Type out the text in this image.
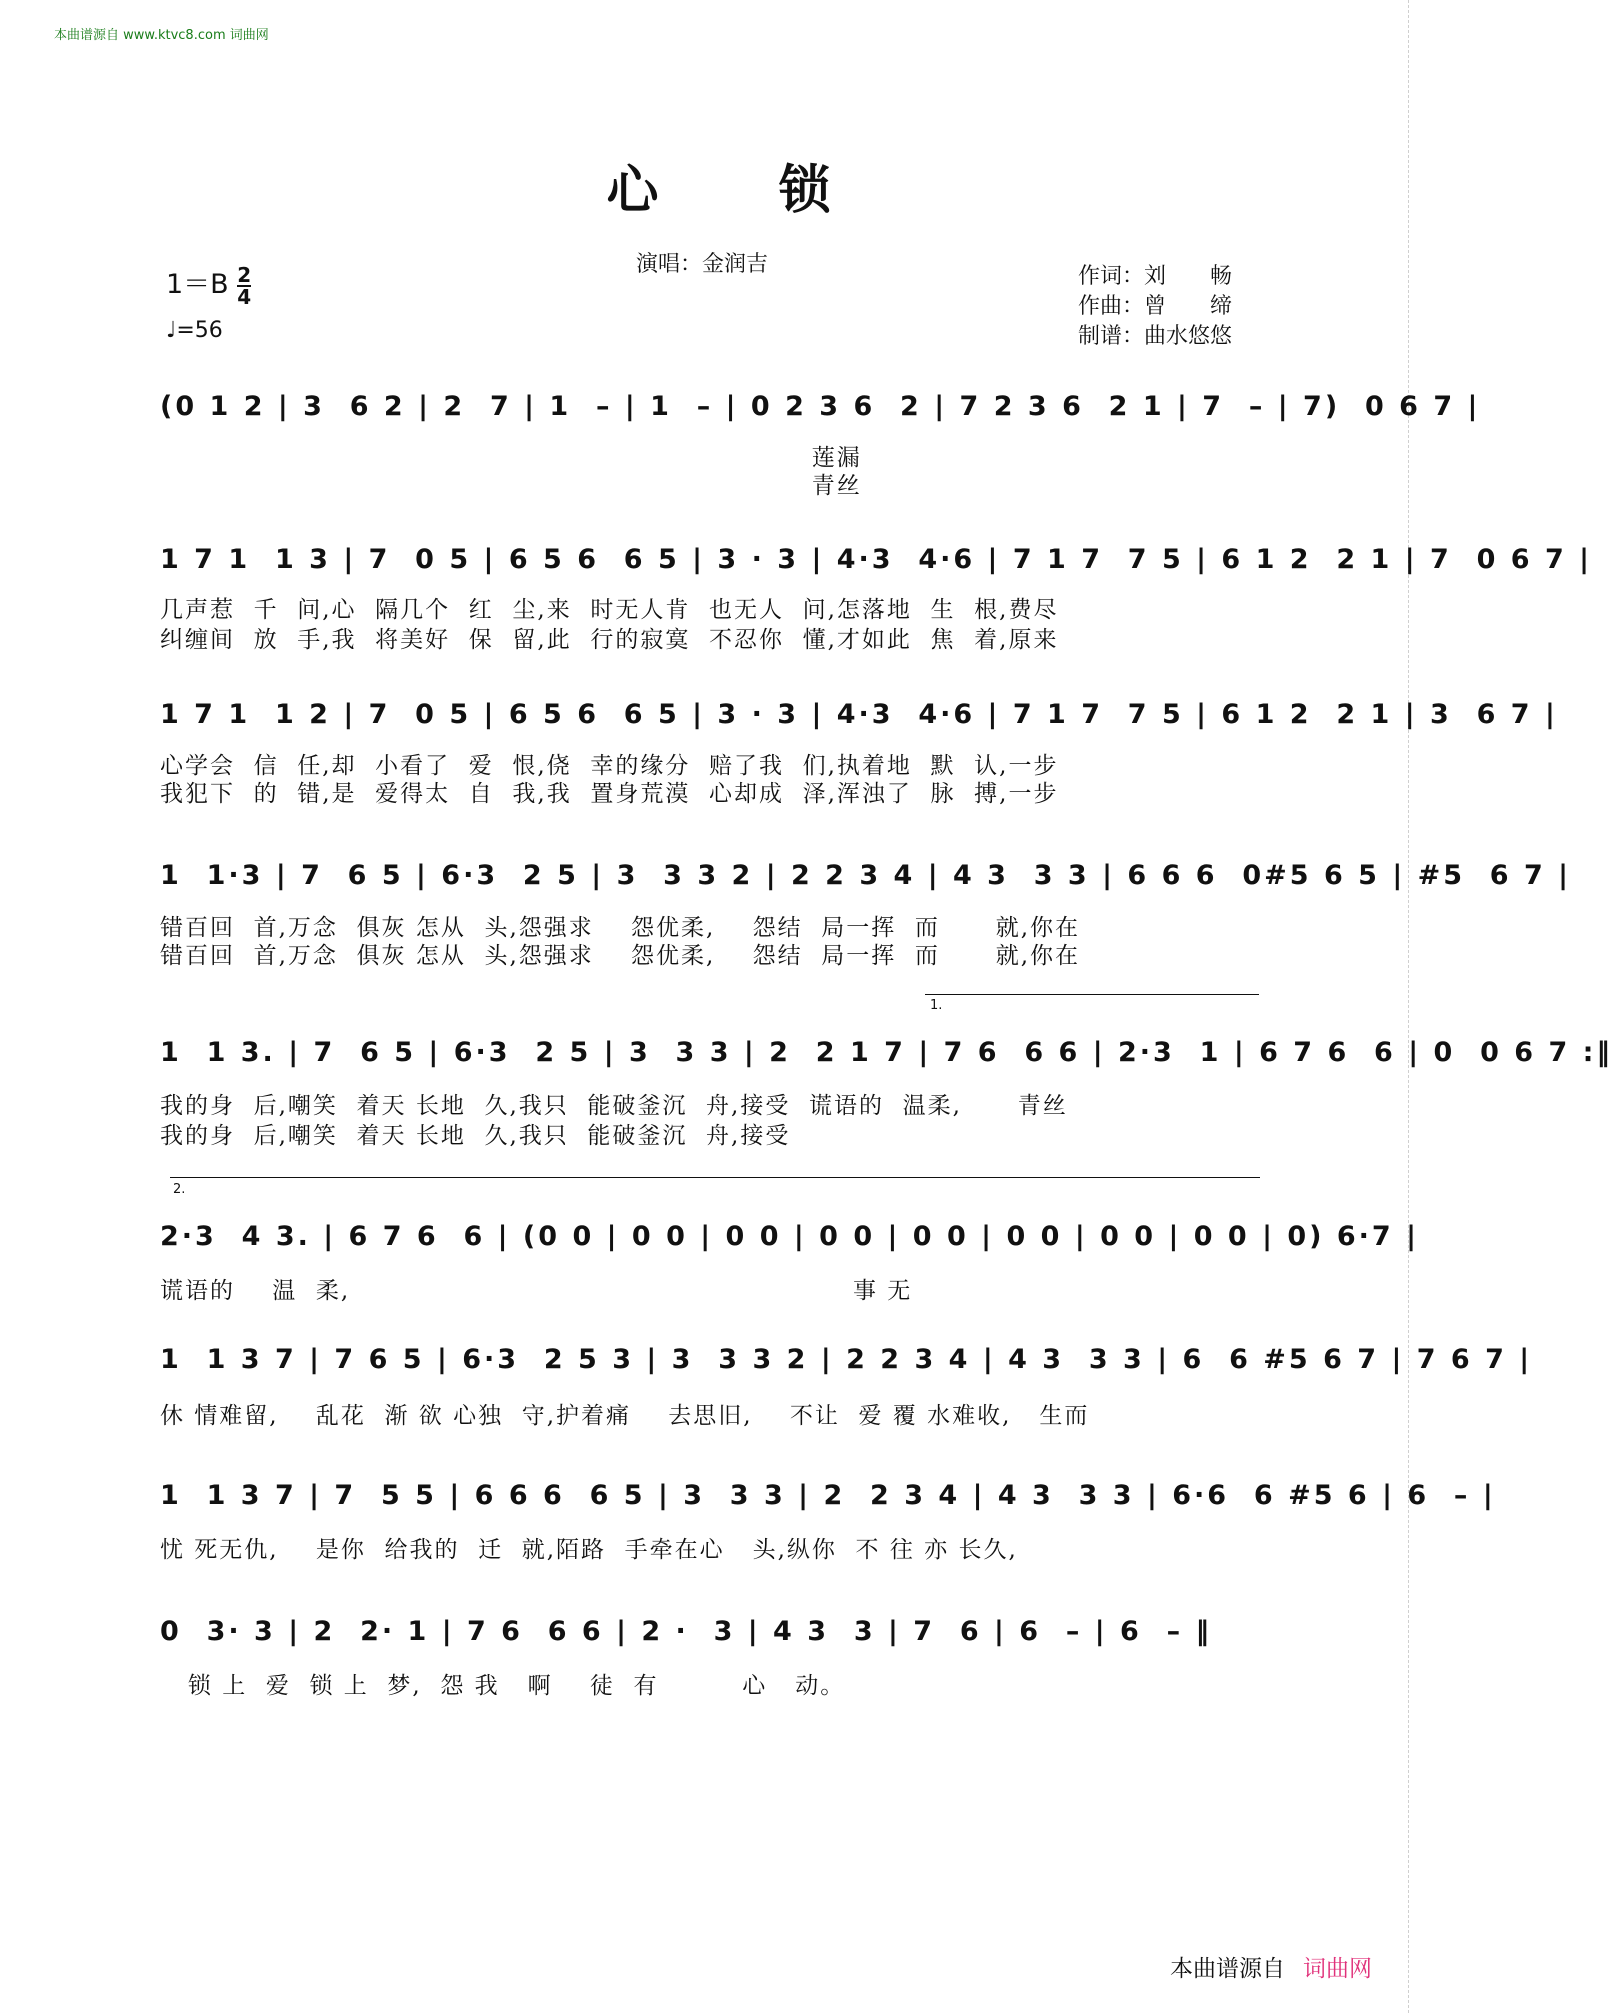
本曲谱源自 www.ktvc8.com 词曲网
心锁
演唱：金润吉	作词：刘　　畅
作曲：曾　　缔
制谱：曲水悠悠
$1=B \frac{2}{4}$
♩=56
(0 1 2 | 3  6 2 | 2  7 | 1  – | 1  – | 0 2 3 6  2 | 7 2 3 6  2 1 | 7  – | 7)  0 6 7 |
莲漏
青丝
1 7 1  1 3 | 7  0 5 | 6 5 6  6 5 | 3 · 3 | 4·3  4·6 | 7 1 7  7 5 | 6 1 2  2 1 | 7  0 6 7 |
几声惹  千  问,心  隔几个  红  尘,来  时无人肯  也无人  问,怎落地  生  根,费尽
纠缠间  放  手,我  将美好  保  留,此  行的寂寞  不忍你  懂,才如此  焦  着,原来
1 7 1  1 2 | 7  0 5 | 6 5 6  6 5 | 3 · 3 | 4·3  4·6 | 7 1 7  7 5 | 6 1 2  2 1 | 3  6 7 |
心学会  信  任,却  小看了  爱  恨,侥  幸的缘分  赔了我  们,执着地  默  认,一步
我犯下  的  错,是  爱得太  自  我,我  置身荒漠  心却成  泽,浑浊了  脉  搏,一步
1  1·3 | 7  6 5 | 6·3  2 5 | 3  3 3 2 | 2 2 3 4 | 4 3  3 3 | 6 6 6  0#5 6 5 | #5  6 7 |
错百回  首,万念  俱灰 怎从  头,怨强求    怨优柔,    怨结  局一挥  而      就,你在
错百回  首,万念  俱灰 怎从  头,怨强求    怨优柔,    怨结  局一挥  而      就,你在
1.
1  1 3. | 7  6 5 | 6·3  2 5 | 3  3 3 | 2  2 1 7 | 7 6  6 6 | 2·3  1 | 6 7 6  6 | 0  0 6 7 :‖
我的身  后,嘲笑  着天 长地  久,我只  能破釜沉  舟,接受  谎语的  温柔,      青丝
我的身  后,嘲笑  着天 长地  久,我只  能破釜沉  舟,接受
2.
2·3  4 3. | 6 7 6  6 | (0 0 | 0 0 | 0 0 | 0 0 | 0 0 | 0 0 | 0 0 | 0 0 | 0) 6·7 |
谎语的    温  柔,                                                      事 无
1  1 3 7 | 7 6 5 | 6·3  2 5 3 | 3  3 3 2 | 2 2 3 4 | 4 3  3 3 | 6  6 #5 6 7 | 7 6 7 |
休 情难留,    乱花  渐 欲 心独  守,护着痛    去思旧,    不让  爱 覆 水难收,   生而
1  1 3 7 | 7  5 5 | 6 6 6  6 5 | 3  3 3 | 2  2 3 4 | 4 3  3 3 | 6·6  6 #5 6 | 6  – |
忧 死无仇,    是你  给我的  迁  就,陌路  手牵在心   头,纵你  不 往 亦 长久,
0  3· 3 | 2  2· 1 | 7 6  6 6 | 2 ·  3 | 4 3  3 | 7  6 | 6  – | 6  – ‖
锁 上  爱  锁 上  梦,  怨 我   啊    徒  有         心   动。
本曲谱源自 词曲网
